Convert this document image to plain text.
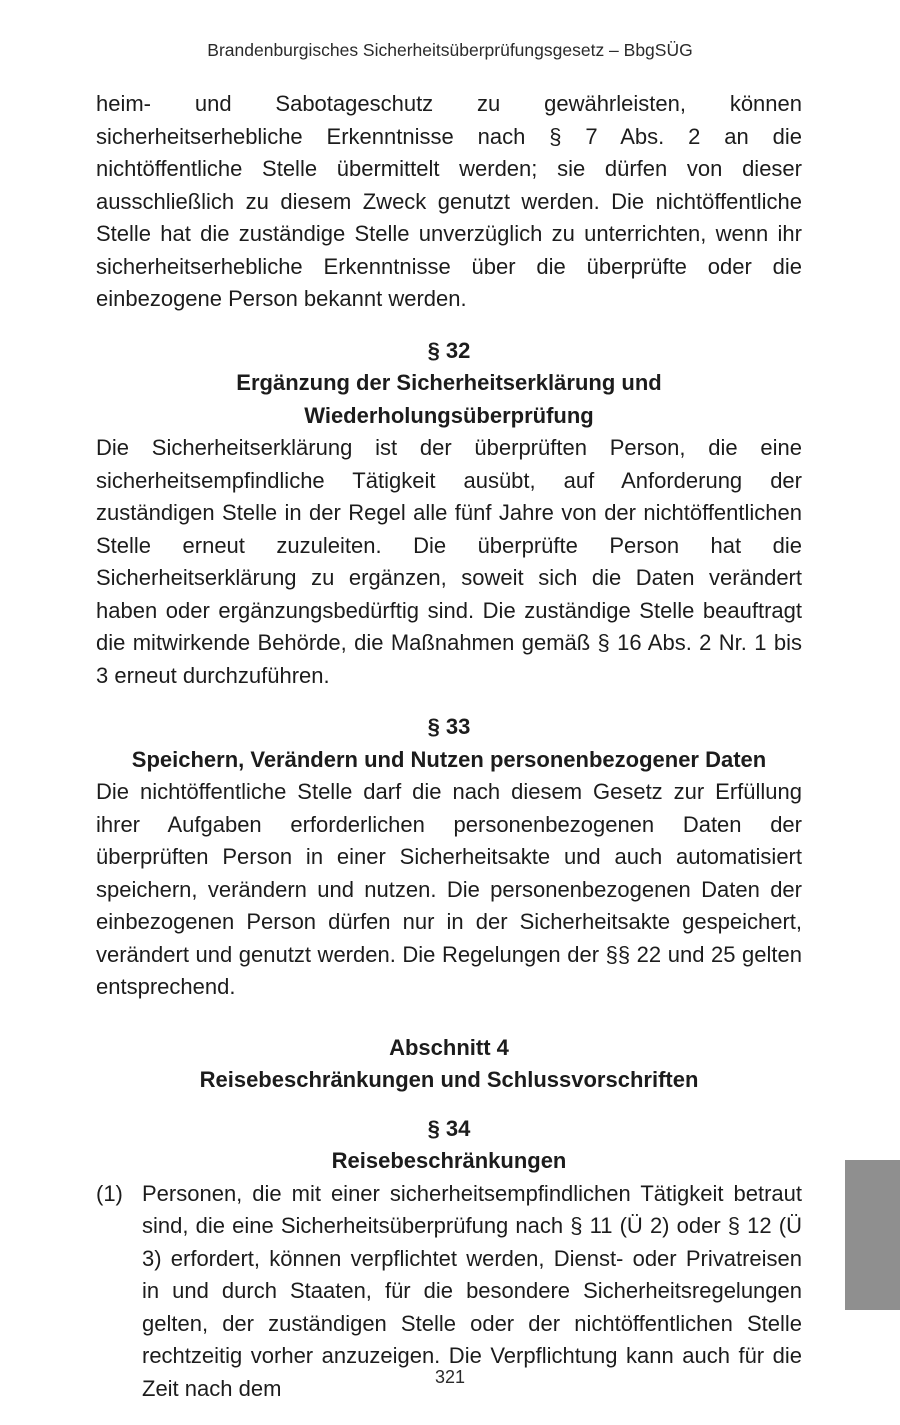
Brandenburgisches Sicherheitsüberprüfungsgesetz – BbgSÜG

heim- und Sabotageschutz zu gewährleisten, können sicherheitserhebliche Erkenntnisse nach § 7 Abs. 2 an die nichtöffentliche Stelle übermittelt werden; sie dürfen von dieser ausschließlich zu diesem Zweck genutzt werden. Die nichtöffentliche Stelle hat die zuständige Stelle unverzüglich zu unterrichten, wenn ihr sicherheitserhebliche Erkenntnisse über die überprüfte oder die einbezogene Person bekannt werden.

§ 32
Ergänzung der Sicherheitserklärung und
Wiederholungsüberprüfung

Die Sicherheitserklärung ist der überprüften Person, die eine sicherheitsempfindliche Tätigkeit ausübt, auf Anforderung der zuständigen Stelle in der Regel alle fünf Jahre von der nichtöffentlichen Stelle erneut zuzuleiten. Die überprüfte Person hat die Sicherheitserklärung zu ergänzen, soweit sich die Daten verändert haben oder ergänzungsbedürftig sind. Die zuständige Stelle beauftragt die mitwirkende Behörde, die Maßnahmen gemäß § 16 Abs. 2 Nr. 1 bis 3 erneut durchzuführen.

§ 33
Speichern, Verändern und Nutzen personenbezogener Daten

Die nichtöffentliche Stelle darf die nach diesem Gesetz zur Erfüllung ihrer Aufgaben erforderlichen personenbezogenen Daten der überprüften Person in einer Sicherheitsakte und auch automatisiert speichern, verändern und nutzen. Die personenbezogenen Daten der einbezogenen Person dürfen nur in der Sicherheitsakte gespeichert, verändert und genutzt werden. Die Regelungen der §§ 22 und 25 gelten entsprechend.

Abschnitt 4
Reisebeschränkungen und Schlussvorschriften
§ 34
Reisebeschränkungen
(1) Personen, die mit einer sicherheitsempfindlichen Tätigkeit betraut sind, die eine Sicherheitsüberprüfung nach § 11 (Ü 2) oder § 12 (Ü 3) erfordert, können verpflichtet werden, Dienst- oder Privatreisen in und durch Staaten, für die besondere Sicherheitsregelungen gelten, der zuständigen Stelle oder der nichtöffentlichen Stelle rechtzeitig vorher anzuzeigen. Die Verpflichtung kann auch für die Zeit nach dem	321
